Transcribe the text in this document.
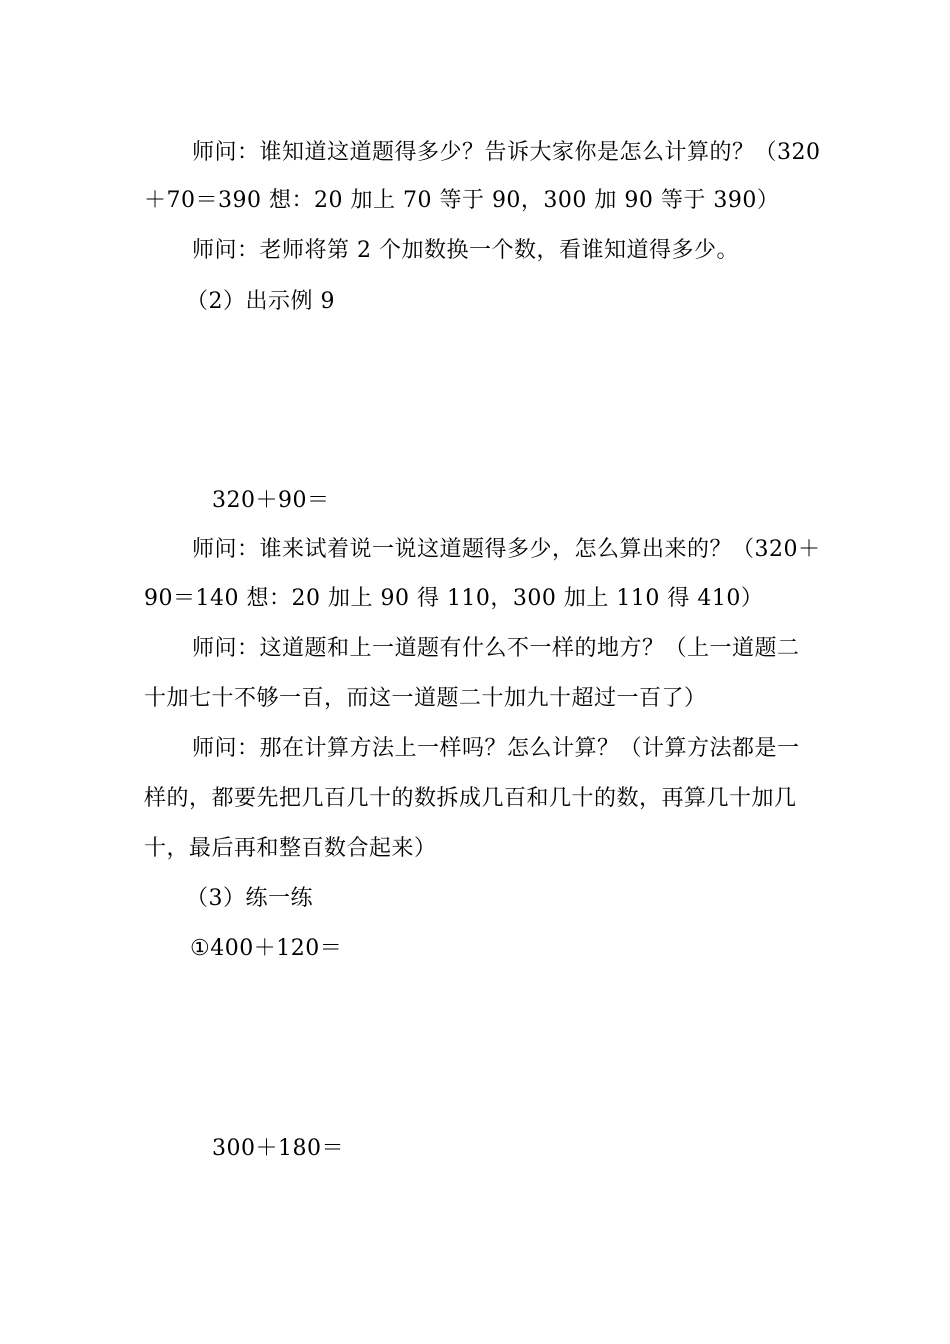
师问：谁知道这道题得多少？告诉大家你是怎么计算的？（320
＋70＝390 想：20 加上 70 等于 90，300 加 90 等于 390）
师问：老师将第 2 个加数换一个数，看谁知道得多少。
（2）出示例 9
320＋90＝
师问：谁来试着说一说这道题得多少，怎么算出来的？（320＋
90＝140 想：20 加上 90 得 110，300 加上 110 得 410）
师问：这道题和上一道题有什么不一样的地方？（上一道题二
十加七十不够一百，而这一道题二十加九十超过一百了）
师问：那在计算方法上一样吗？怎么计算？（计算方法都是一
样的，都要先把几百几十的数拆成几百和几十的数，再算几十加几
十，最后再和整百数合起来）
（3）练一练
①400＋120＝
300＋180＝
